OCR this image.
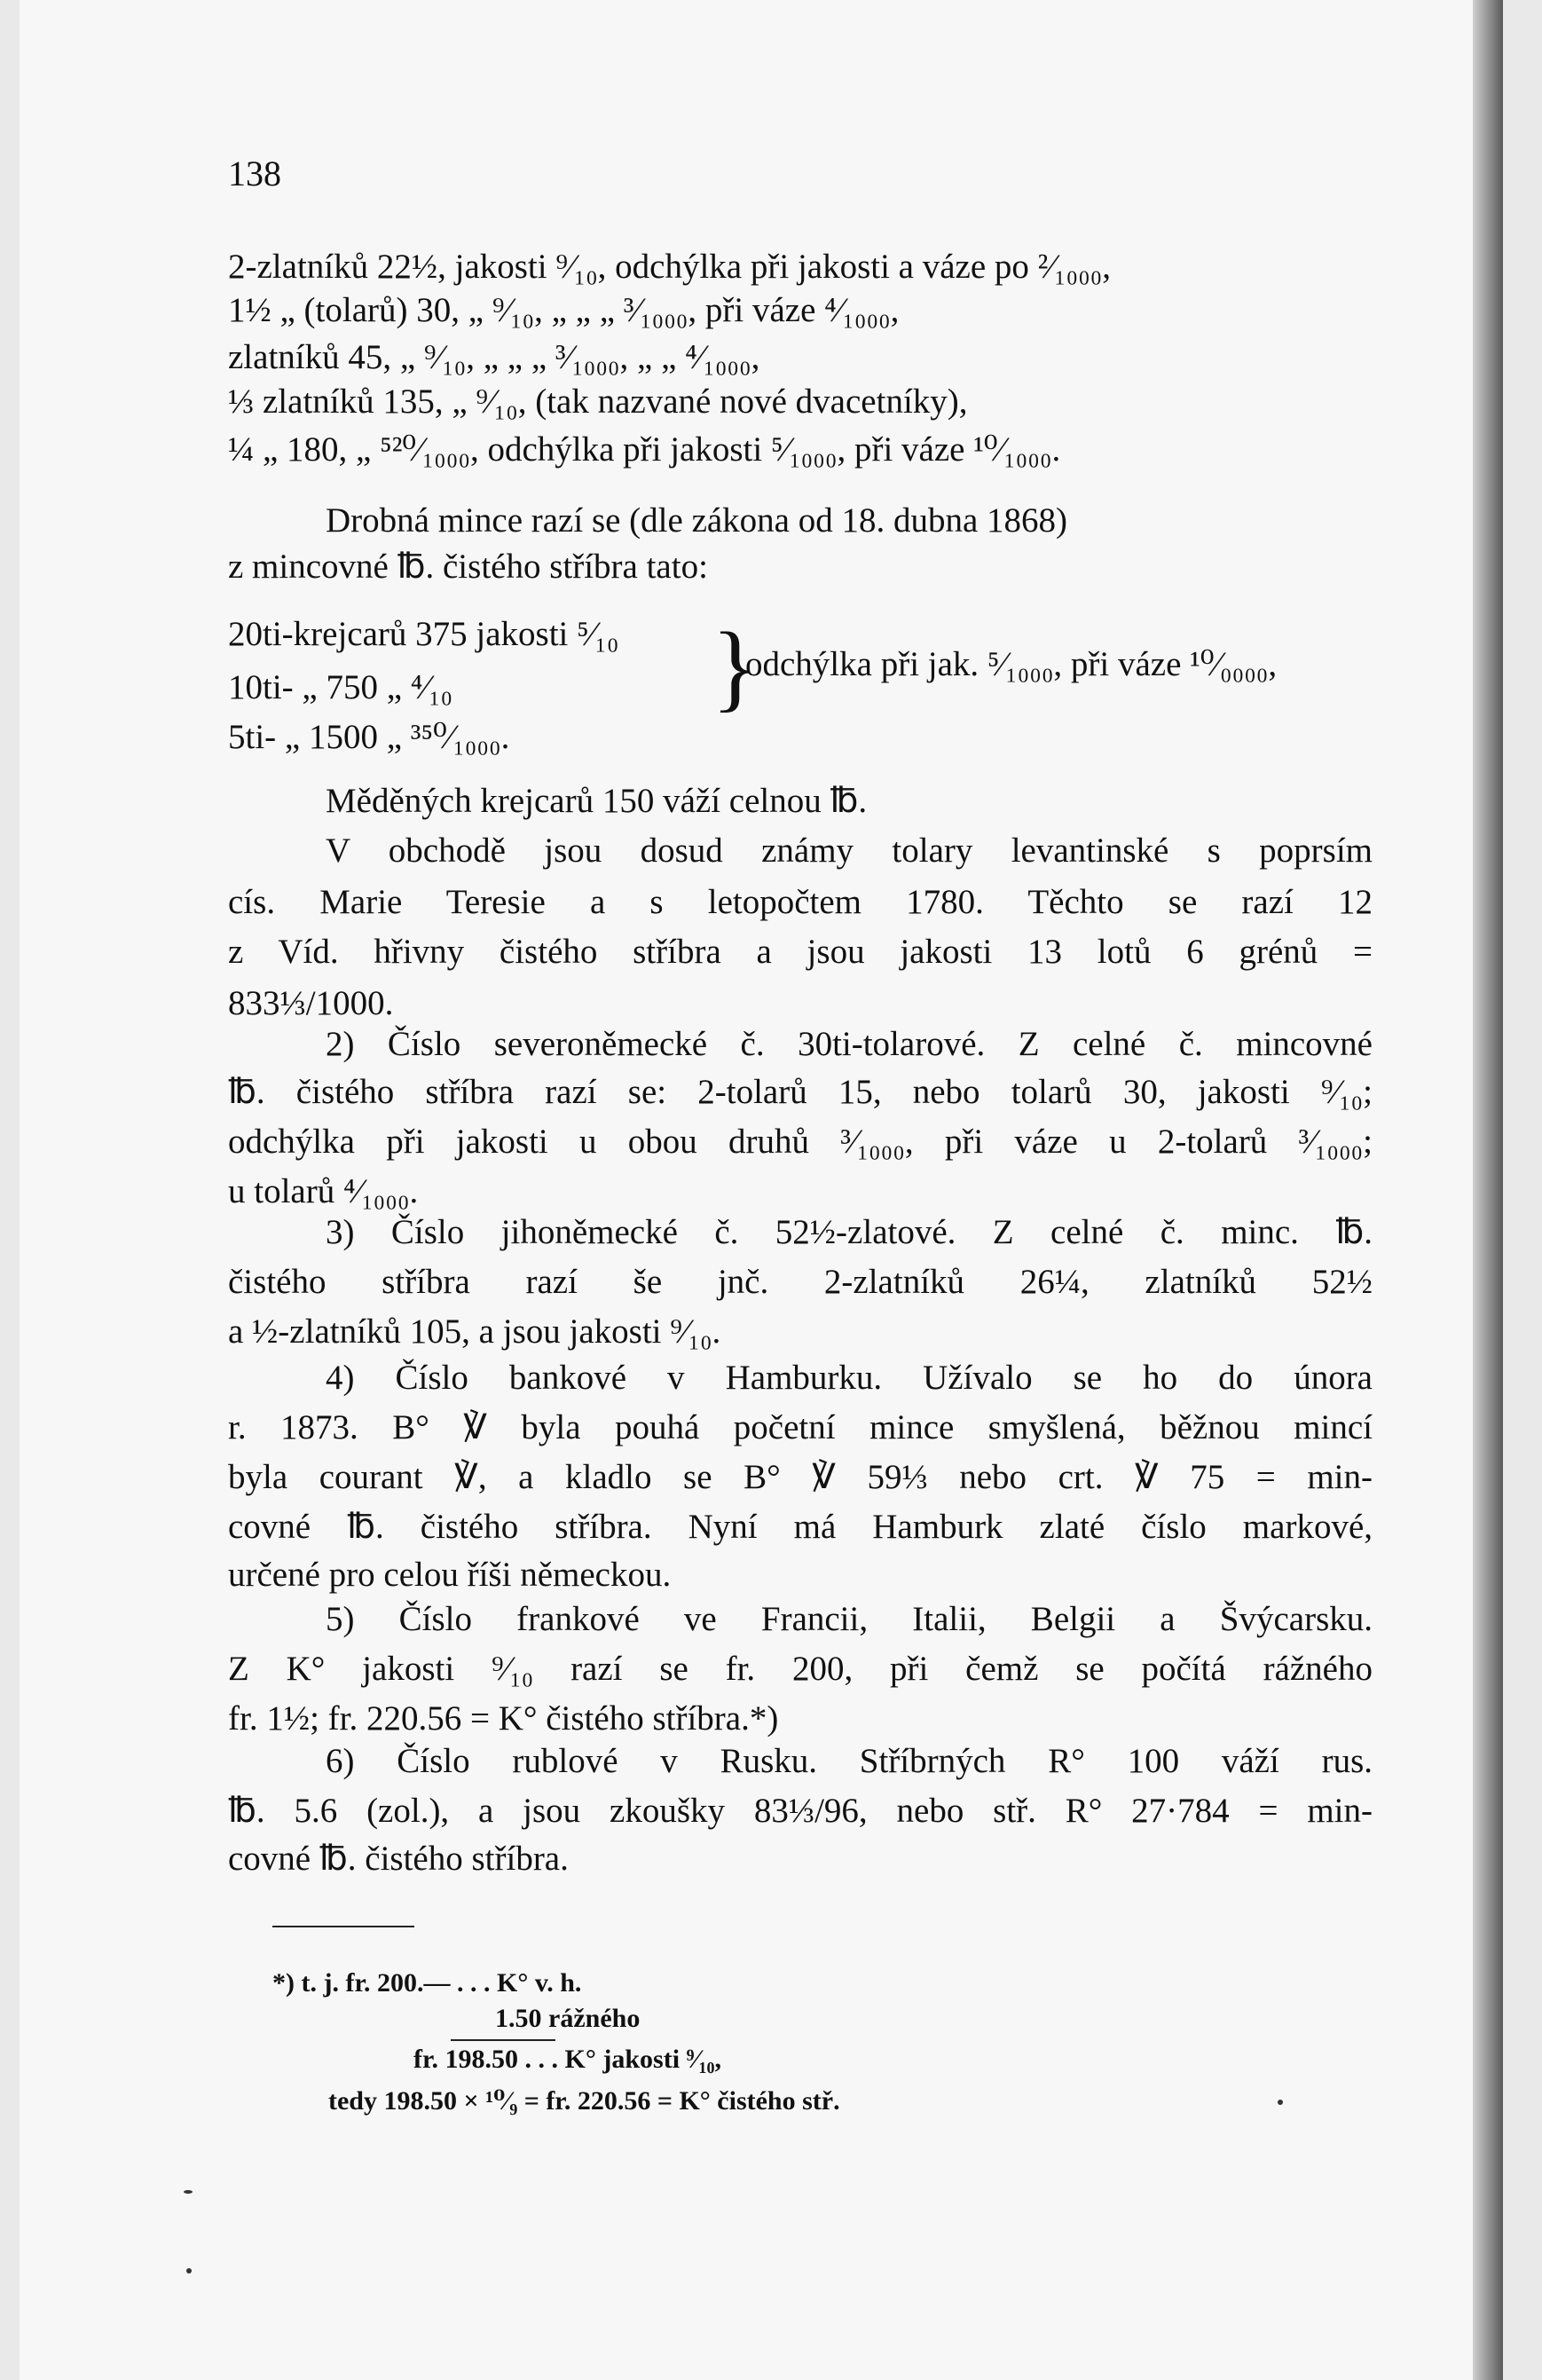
138
2-zlatníků 22½, jakosti ⁹⁄₁₀, odchýlka při jakosti a váze po ²⁄₁₀₀₀,
1½ „ (tolarů) 30, „ ⁹⁄₁₀, „ „ „ ³⁄₁₀₀₀, při váze ⁴⁄₁₀₀₀,
zlatníků 45, „ ⁹⁄₁₀, „ „ „ ³⁄₁₀₀₀, „ „ ⁴⁄₁₀₀₀,
⅓ zlatníků 135, „ ⁹⁄₁₀, (tak nazvané nové dvacetníky),
¼ „ 180, „ ⁵²⁰⁄₁₀₀₀, odchýlka při jakosti ⁵⁄₁₀₀₀, při váze ¹⁰⁄₁₀₀₀.
Drobná mince razí se (dle zákona od 18. dubna 1868)
z mincovné ℔. čistého stříbra tato:
20ti-krejcarů 375 jakosti ⁵⁄₁₀
10ti- „ 750 „ ⁴⁄₁₀
5ti- „ 1500 „ ³⁵⁰⁄₁₀₀₀.
}
odchýlka při jak. ⁵⁄₁₀₀₀, při váze ¹⁰⁄₀₀₀₀,
Měděných krejcarů 150 váží celnou ℔.
V obchodě jsou dosud známy tolary levantinské s poprsím
cís. Marie Teresie a s letopočtem 1780. Těchto se razí 12
z Víd. hřivny čistého stříbra a jsou jakosti 13 lotů 6 grénů =
833⅓/1000.
2) Číslo severoněmecké č. 30ti-tolarové. Z celné č. mincovné
℔. čistého stříbra razí se: 2-tolarů 15, nebo tolarů 30, jakosti ⁹⁄₁₀;
odchýlka při jakosti u obou druhů ³⁄₁₀₀₀, při váze u 2-tolarů ³⁄₁₀₀₀;
u tolarů ⁴⁄₁₀₀₀.
3) Číslo jihoněmecké č. 52½-zlatové. Z celné č. minc. ℔.
čistého stříbra razí še jnč. 2-zlatníků 26¼, zlatníků 52½
a ½-zlatníků 105, a jsou jakosti ⁹⁄₁₀.
4) Číslo bankové v Hamburku. Užívalo se ho do února
r. 1873. B° ℣ byla pouhá početní mince smyšlená, běžnou mincí
byla courant ℣, a kladlo se B° ℣ 59⅓ nebo crt. ℣ 75 = min-
covné ℔. čistého stříbra. Nyní má Hamburk zlaté číslo markové,
určené pro celou říši německou.
5) Číslo frankové ve Francii, Italii, Belgii a Švýcarsku.
Z K° jakosti ⁹⁄₁₀ razí se fr. 200, při čemž se počítá rážného
fr. 1½; fr. 220.56 = K° čistého stříbra.*)
6) Číslo rublové v Rusku. Stříbrných R° 100 váží rus.
℔. 5.6 (zol.), a jsou zkoušky 83⅓/96, nebo stř. R° 27·784 = min-
covné ℔. čistého stříbra.
*) t. j. fr. 200.— . . . K° v. h.
1.50 rážného
fr. 198.50 . . . K° jakosti ⁹⁄₁₀,
tedy 198.50 × ¹⁰⁄₉ = fr. 220.56 = K° čistého stř.
